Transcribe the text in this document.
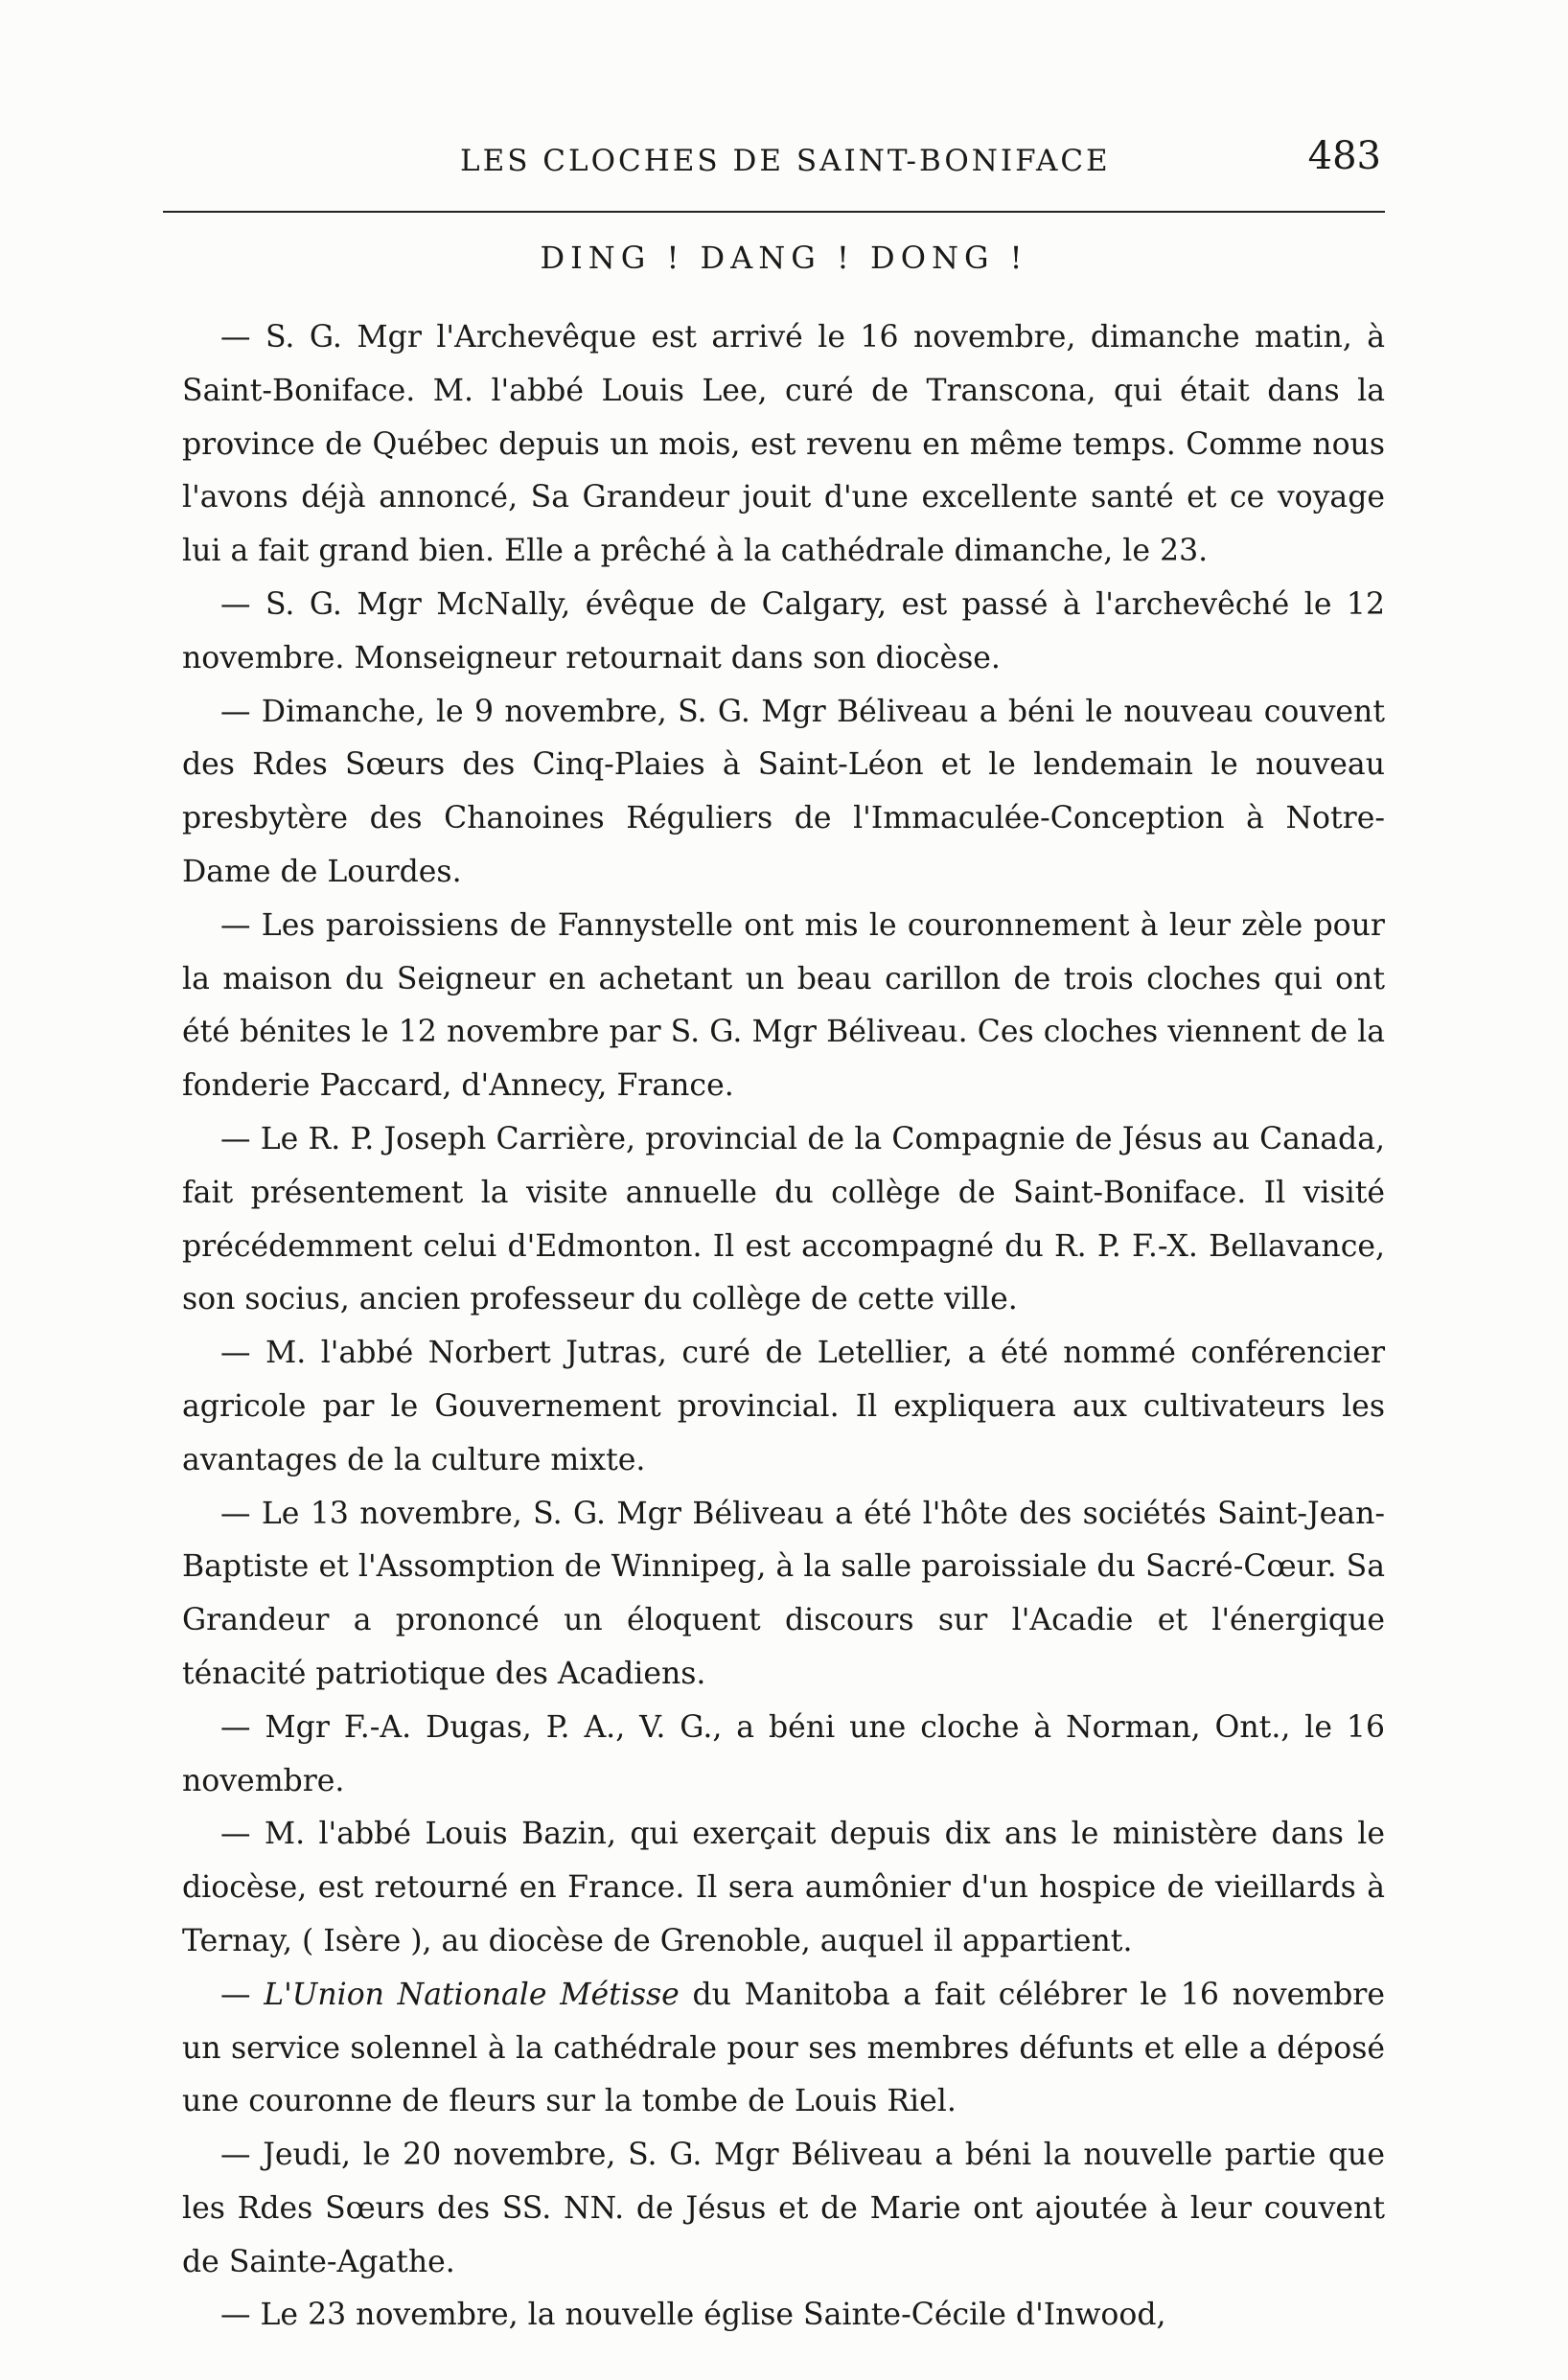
LES CLOCHES DE SAINT-BONIFACE	483
DING ! DANG ! DONG !

— S. G. Mgr l'Archevêque est arrivé le 16 novembre, dimanche matin, à Saint-Boniface. M. l'abbé Louis Lee, curé de Transcona, qui était dans la province de Québec depuis un mois, est revenu en même temps. Comme nous l'avons déjà annoncé, Sa Grandeur jouit d'une excellente santé et ce voyage lui a fait grand bien. Elle a prêché à la cathédrale dimanche, le 23.

— S. G. Mgr McNally, évêque de Calgary, est passé à l'archevêché le 12 novembre. Monseigneur retournait dans son diocèse.

— Dimanche, le 9 novembre, S. G. Mgr Béliveau a béni le nouveau couvent des Rdes Sœurs des Cinq-Plaies à Saint-Léon et le lendemain le nouveau presbytère des Chanoines Réguliers de l'Immaculée-Conception à Notre-Dame de Lourdes.

— Les paroissiens de Fannystelle ont mis le couronnement à leur zèle pour la maison du Seigneur en achetant un beau carillon de trois cloches qui ont été bénites le 12 novembre par S. G. Mgr Béliveau. Ces cloches viennent de la fonderie Paccard, d'Annecy, France.

— Le R. P. Joseph Carrière, provincial de la Compagnie de Jésus au Canada, fait présentement la visite annuelle du collège de Saint-Boniface. Il visité précédemment celui d'Edmonton. Il est accompagné du R. P. F.-X. Bellavance, son socius, ancien professeur du collège de cette ville.

— M. l'abbé Norbert Jutras, curé de Letellier, a été nommé conférencier agricole par le Gouvernement provincial. Il expliquera aux cultivateurs les avantages de la culture mixte.

— Le 13 novembre, S. G. Mgr Béliveau a été l'hôte des sociétés Saint-Jean-Baptiste et l'Assomption de Winnipeg, à la salle paroissiale du Sacré-Cœur. Sa Grandeur a prononcé un éloquent discours sur l'Acadie et l'énergique ténacité patriotique des Acadiens.

— Mgr F.-A. Dugas, P. A., V. G., a béni une cloche à Norman, Ont., le 16 novembre.

— M. l'abbé Louis Bazin, qui exerçait depuis dix ans le ministère dans le diocèse, est retourné en France. Il sera aumônier d'un hospice de vieillards à Ternay, ( Isère ), au diocèse de Grenoble, auquel il appartient.

— L'Union Nationale Métisse du Manitoba a fait célébrer le 16 novembre un service solennel à la cathédrale pour ses membres défunts et elle a déposé une couronne de fleurs sur la tombe de Louis Riel.

— Jeudi, le 20 novembre, S. G. Mgr Béliveau a béni la nouvelle partie que les Rdes Sœurs des SS. NN. de Jésus et de Marie ont ajoutée à leur couvent de Sainte-Agathe.

— Le 23 novembre, la nouvelle église Sainte-Cécile d'Inwood,
